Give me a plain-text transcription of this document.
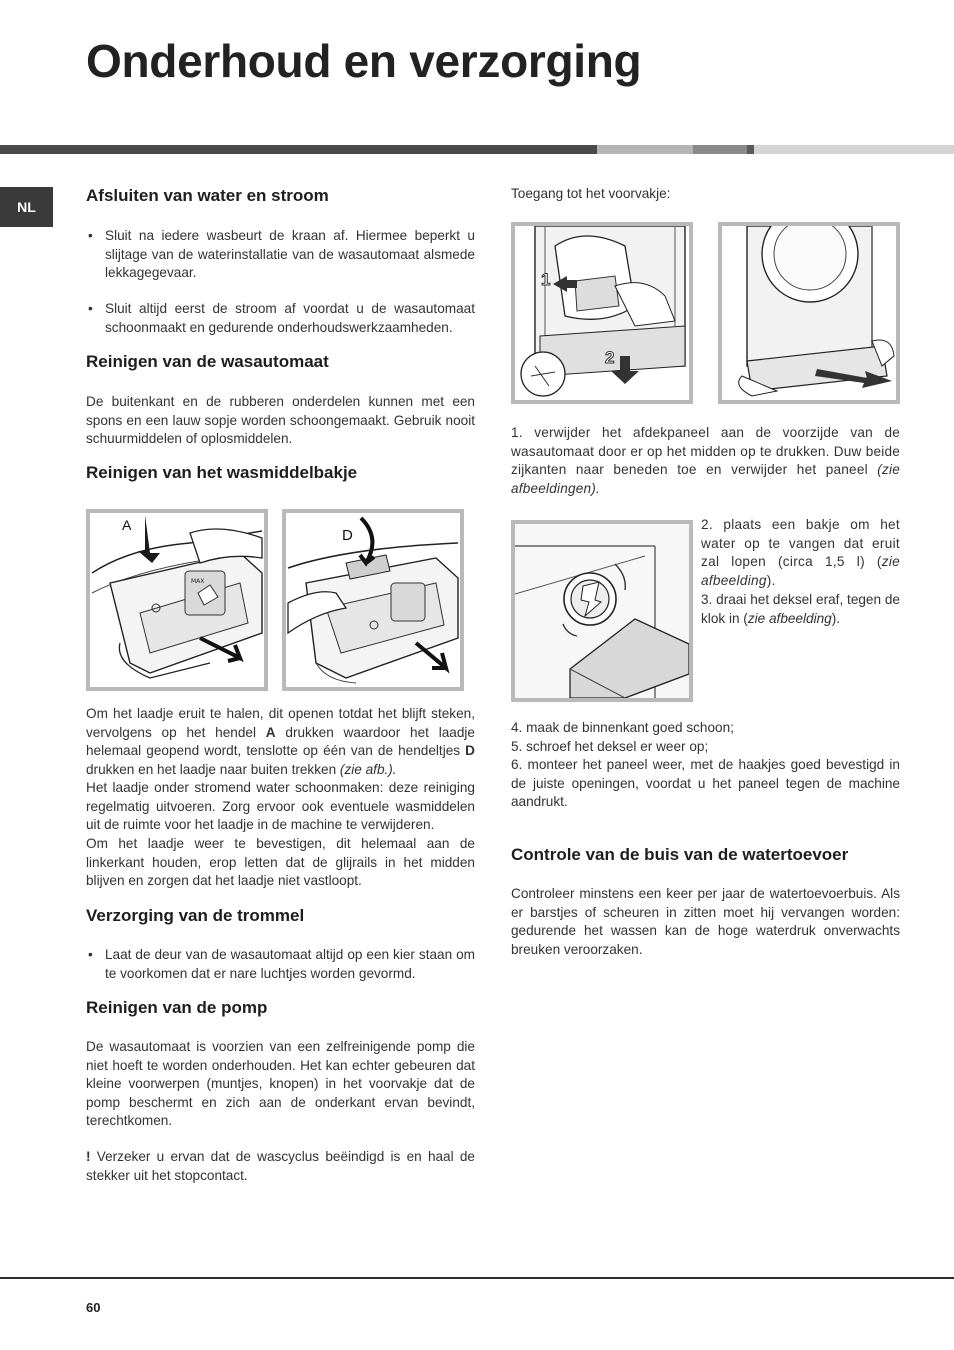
Onderhoud en verzorging
NL
Afsluiten van water en stroom
• Sluit na iedere wasbeurt de kraan af. Hiermee beperkt u slijtage van de waterinstallatie van de wasautomaat alsmede lekkagegevaar.

• Sluit altijd eerst de stroom af voordat u de wasautomaat schoonmaakt en gedurende onderhoudswerkzaamheden.

Reinigen van de wasautomaat

De buitenkant en de rubberen onderdelen kunnen met een spons en een lauw sopje worden schoongemaakt. Gebruik nooit schuurmiddelen of oplosmiddelen.

Reinigen van het wasmiddelbakje
MAX
A
D

Om het laadje eruit te halen, dit openen totdat het blijft steken, vervolgens op het hendel A drukken waardoor het laadje helemaal geopend wordt, tenslotte op één van de hendeltjes D drukken en het laadje naar buiten trekken (zie afb.).

Het laadje onder stromend water schoonmaken: deze reiniging regelmatig uitvoeren. Zorg ervoor ook eventuele wasmiddelen uit de ruimte voor het laadje in de machine te verwijderen.

Om het laadje weer te bevestigen, dit helemaal aan de linkerkant houden, erop letten dat de glijrails in het midden blijven en zorgen dat het laadje niet vastloopt.

Verzorging van de trommel
• Laat de deur van de wasautomaat altijd op een kier staan om te voorkomen dat er nare luchtjes worden gevormd.

Reinigen van de pomp

De wasautomaat is voorzien van een zelfreinigende pomp die niet hoeft te worden onderhouden. Het kan echter gebeuren dat kleine voorwerpen (muntjes, knopen) in het voorvakje dat de pomp beschermt en zich aan de onderkant ervan bevindt, terechtkomen.

! Verzeker u ervan dat de wascyclus beëindigd is en haal de stekker uit het stopcontact.

Toegang tot het voorvakje:

1
2

1. verwijder het afdekpaneel aan de voorzijde van de wasautomaat door er op het midden op te drukken. Duw beide zijkanten naar beneden toe en verwijder het paneel (zie afbeeldingen).

2. plaats een bakje om het water op te vangen dat eruit zal lopen (circa 1,5 l) (zie afbeelding).

3. draai het deksel eraf, tegen de klok in (zie afbeelding).

4. maak de binnenkant goed schoon;

5. schroef het deksel er weer op;

6. monteer het paneel weer, met de haakjes goed bevestigd in de juiste openingen, voordat u het paneel tegen de machine aandrukt.

Controle van de buis van de watertoevoer

Controleer minstens een keer per jaar de watertoevoerbuis. Als er barstjes of scheuren in zitten moet hij vervangen worden: gedurende het wassen kan de hoge waterdruk onverwachts breuken veroorzaken.

60
